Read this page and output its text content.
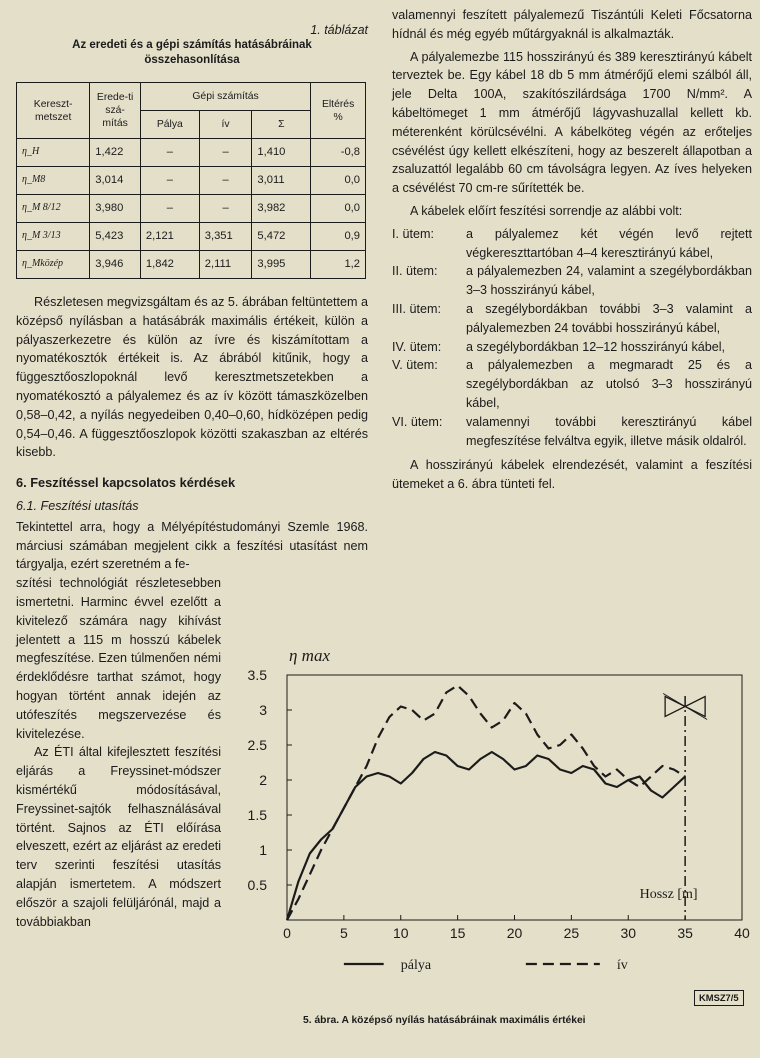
1. táblázat
Az eredeti és a gépi számítás hatásábráinak
összehasonlítása
Kereszt-metszet	Erede-ti szá-mítás	Gépi számítás			Eltérés %
		Pálya	ív	Σ	
η_H	1,422	–	–	1,410	-0,8
η_M8	3,014	–	–	3,011	0,0
η_M 8/12	3,980	–	–	3,982	0,0
η_M 3/13	5,423	2,121	3,351	5,472	0,9
η_Mközép	3,946	1,842	2,111	3,995	1,2

Részletesen megvizsgáltam és az 5. ábrában feltüntettem a középső nyílásban a hatásábrák maximális értékeit, külön a pályaszerkezetre és külön az ívre és kiszámítottam a nyomatékosztók értékeit is. Az ábrából kitűnik, hogy a függesztőoszlopoknál levő keresztmetszetekben a nyomatékosztó a pályalemez és az ív között támaszközelben 0,58–0,42, a nyílás negyedeiben 0,40–0,60, hídközépen pedig 0,54–0,46. A függesztőoszlopok közötti szakaszban az eltérés kisebb.

6. Feszítéssel kapcsolatos kérdések
6.1. Feszítési utasítás

Tekintettel arra, hogy a Mélyépítéstudományi Szemle 1968. márciusi számában megjelent cikk a feszítési utasítást nem tárgyalja, ezért szeretném a fe-

szítési technológiát részletesebben ismertetni. Harminc évvel ezelőtt a kivitelező számára nagy kihívást jelentett a 115 m hosszú kábelek megfeszítése. Ezen túlmenően némi érdeklődésre tarthat számot, hogy hogyan történt annak idején az utófeszítés megszervezése és kivitelezése.

Az ÉTI által kifejlesztett feszítési eljárás a Freyssinet-módszer kismértékű módosításával, Freyssinet-sajtók felhasználásával történt. Sajnos az ÉTI előírása elveszett, ezért az eljárást az eredeti terv szerinti feszítési utasítás alapján ismertetem. A módszert először a szajoli felüljárónál, majd a továbbiakban

valamennyi feszített pályalemezű Tiszántúli Keleti Főcsatorna hídnál és még egyéb műtárgyaknál is alkalmazták.

A pályalemezbe 115 hosszirányú és 389 keresztirányú kábelt terveztek be. Egy kábel 18 db 5 mm átmérőjű elemi szálból áll, jele Delta 100A, szakítószilárdsága 1700 N/mm². A kábeltömeget 1 mm átmérőjű lágyvashuzallal kellett kb. méterenként körülcsévélni. A kábelköteg végén az erőteljes csévélést úgy kellett elkészíteni, hogy az beszerelt állapotban a zsaluzattól legalább 60 cm távolságra legyen. Az íves helyeken a csévélést 70 cm-re sűrítették be.

A kábelek előírt feszítési sorrendje az alábbi volt:

I. ütem:	a pályalemez két végén levő rejtett végkereszttartóban 4–4 keresztirányú kábel,
II. ütem:	a pályalemezben 24, valamint a szegélybordákban 3–3 hosszirányú kábel,
III. ütem:	a szegélybordákban további 3–3 valamint a pályalemezben 24 további hosszirányú kábel,
IV. ütem:	a szegélybordákban 12–12 hosszirányú kábel,
V. ütem:	a pályalemezben a megmaradt 25 és a szegélybordákban az utolsó 3–3 hosszirányú kábel,
VI. ütem:	valamennyi további keresztirányú kábel megfeszítése felváltva egyik, illetve másik oldalról.

A hosszirányú kábelek elrendezését, valamint a feszítési ütemeket a 6. ábra tünteti fel.

0	5	10	15	20	25	30	35	40
0.5
1
1.5
2
2.5
3
3.5
η max
Hossz [m]
pálya	ív
KMSZ7/5
5. ábra. A középső nyílás hatásábráinak maximális értékei
